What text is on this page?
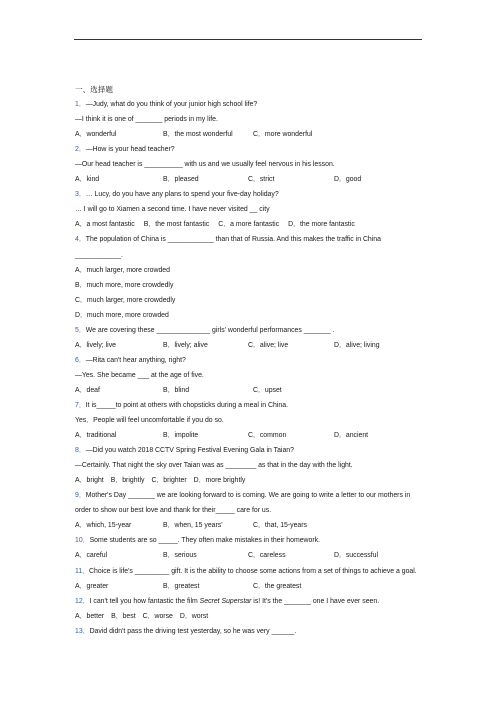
一、选择题
1．—Judy, what do you think of your junior high school life?
—I think it is one of _______ periods in my life.
A．wonderful	B．the most wonderful	C．more wonderful
2．—How is your head teacher?
—Our head teacher is __________ with us and we usually feel nervous in his lesson.
A．kind	B．pleased	C．strict	D．good
3．… Lucy, do you have any plans to spend your five-day holiday?
… I will go to Xiamen a second time. I have never visited __ city
A．a most fantastic B．the most fantastic C．a more fantastic D．the more fantastic
4．The population of China is ____________ than that of Russia. And this makes the traffic in China ____________.
A．much larger, more crowded
B．much more, more crowdedly
C．much larger, more crowdedly
D．much more, more crowded
5．We are covering these ______________ girls' wonderful performances _______ .
A．lively; live	B．lively; alive	C．alive; live	D．alive; living
6．—Rita can't hear anything, right?
—Yes. She became ___ at the age of five.
A．deaf	B．blind	C．upset
7．It is_____to point at others with chopsticks during a meal in China.
Yes．People will feel uncomfortable if you do so.
A．traditional	B．impolite	C．common	D．ancient
8．—Did you watch 2018 CCTV Spring Festival Evening Gala in Taian?
—Certainly. That night the sky over Taian was as ________ as that in the day with the light.
A．bright B．brightly C．brighter D．more brightly
9．Mother's Day _______ we are looking forward to is coming. We are going to write a letter to our mothers in order to show our best love and thank for their_____ care for us.
A．which, 15-year	B．when, 15 years'	C．that, 15-years
10．Some students are so _____. They often make mistakes in their homework.
A．careful	B．serious	C．careless	D．successful
11．Choice is life's _________ gift. It is the ability to choose some actions from a set of things to achieve a goal.
A．greater	B．greatest	C．the greatest
12．I can't tell you how fantastic the film Secret Superstar is! It's the _______ one I have ever seen.
A．better B．best C．worse D．worst
13．David didn't pass the driving test yesterday, so he was very ______.
